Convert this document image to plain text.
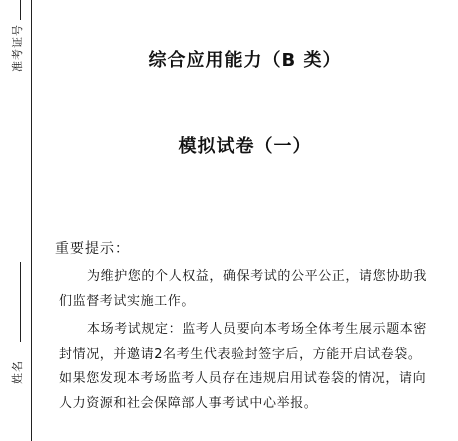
准考证号
姓名
综合应用能力（B 类）
模拟试卷（一）
重要提示：

为维护您的个人权益，确保考试的公平公正，请您协助我

们监督考试实施工作。

本场考试规定：监考人员要向本考场全体考生展示题本密

封情况，并邀请2名考生代表验封签字后，方能开启试卷袋。

如果您发现本考场监考人员存在违规启用试卷袋的情况，请向

人力资源和社会保障部人事考试中心举报。
